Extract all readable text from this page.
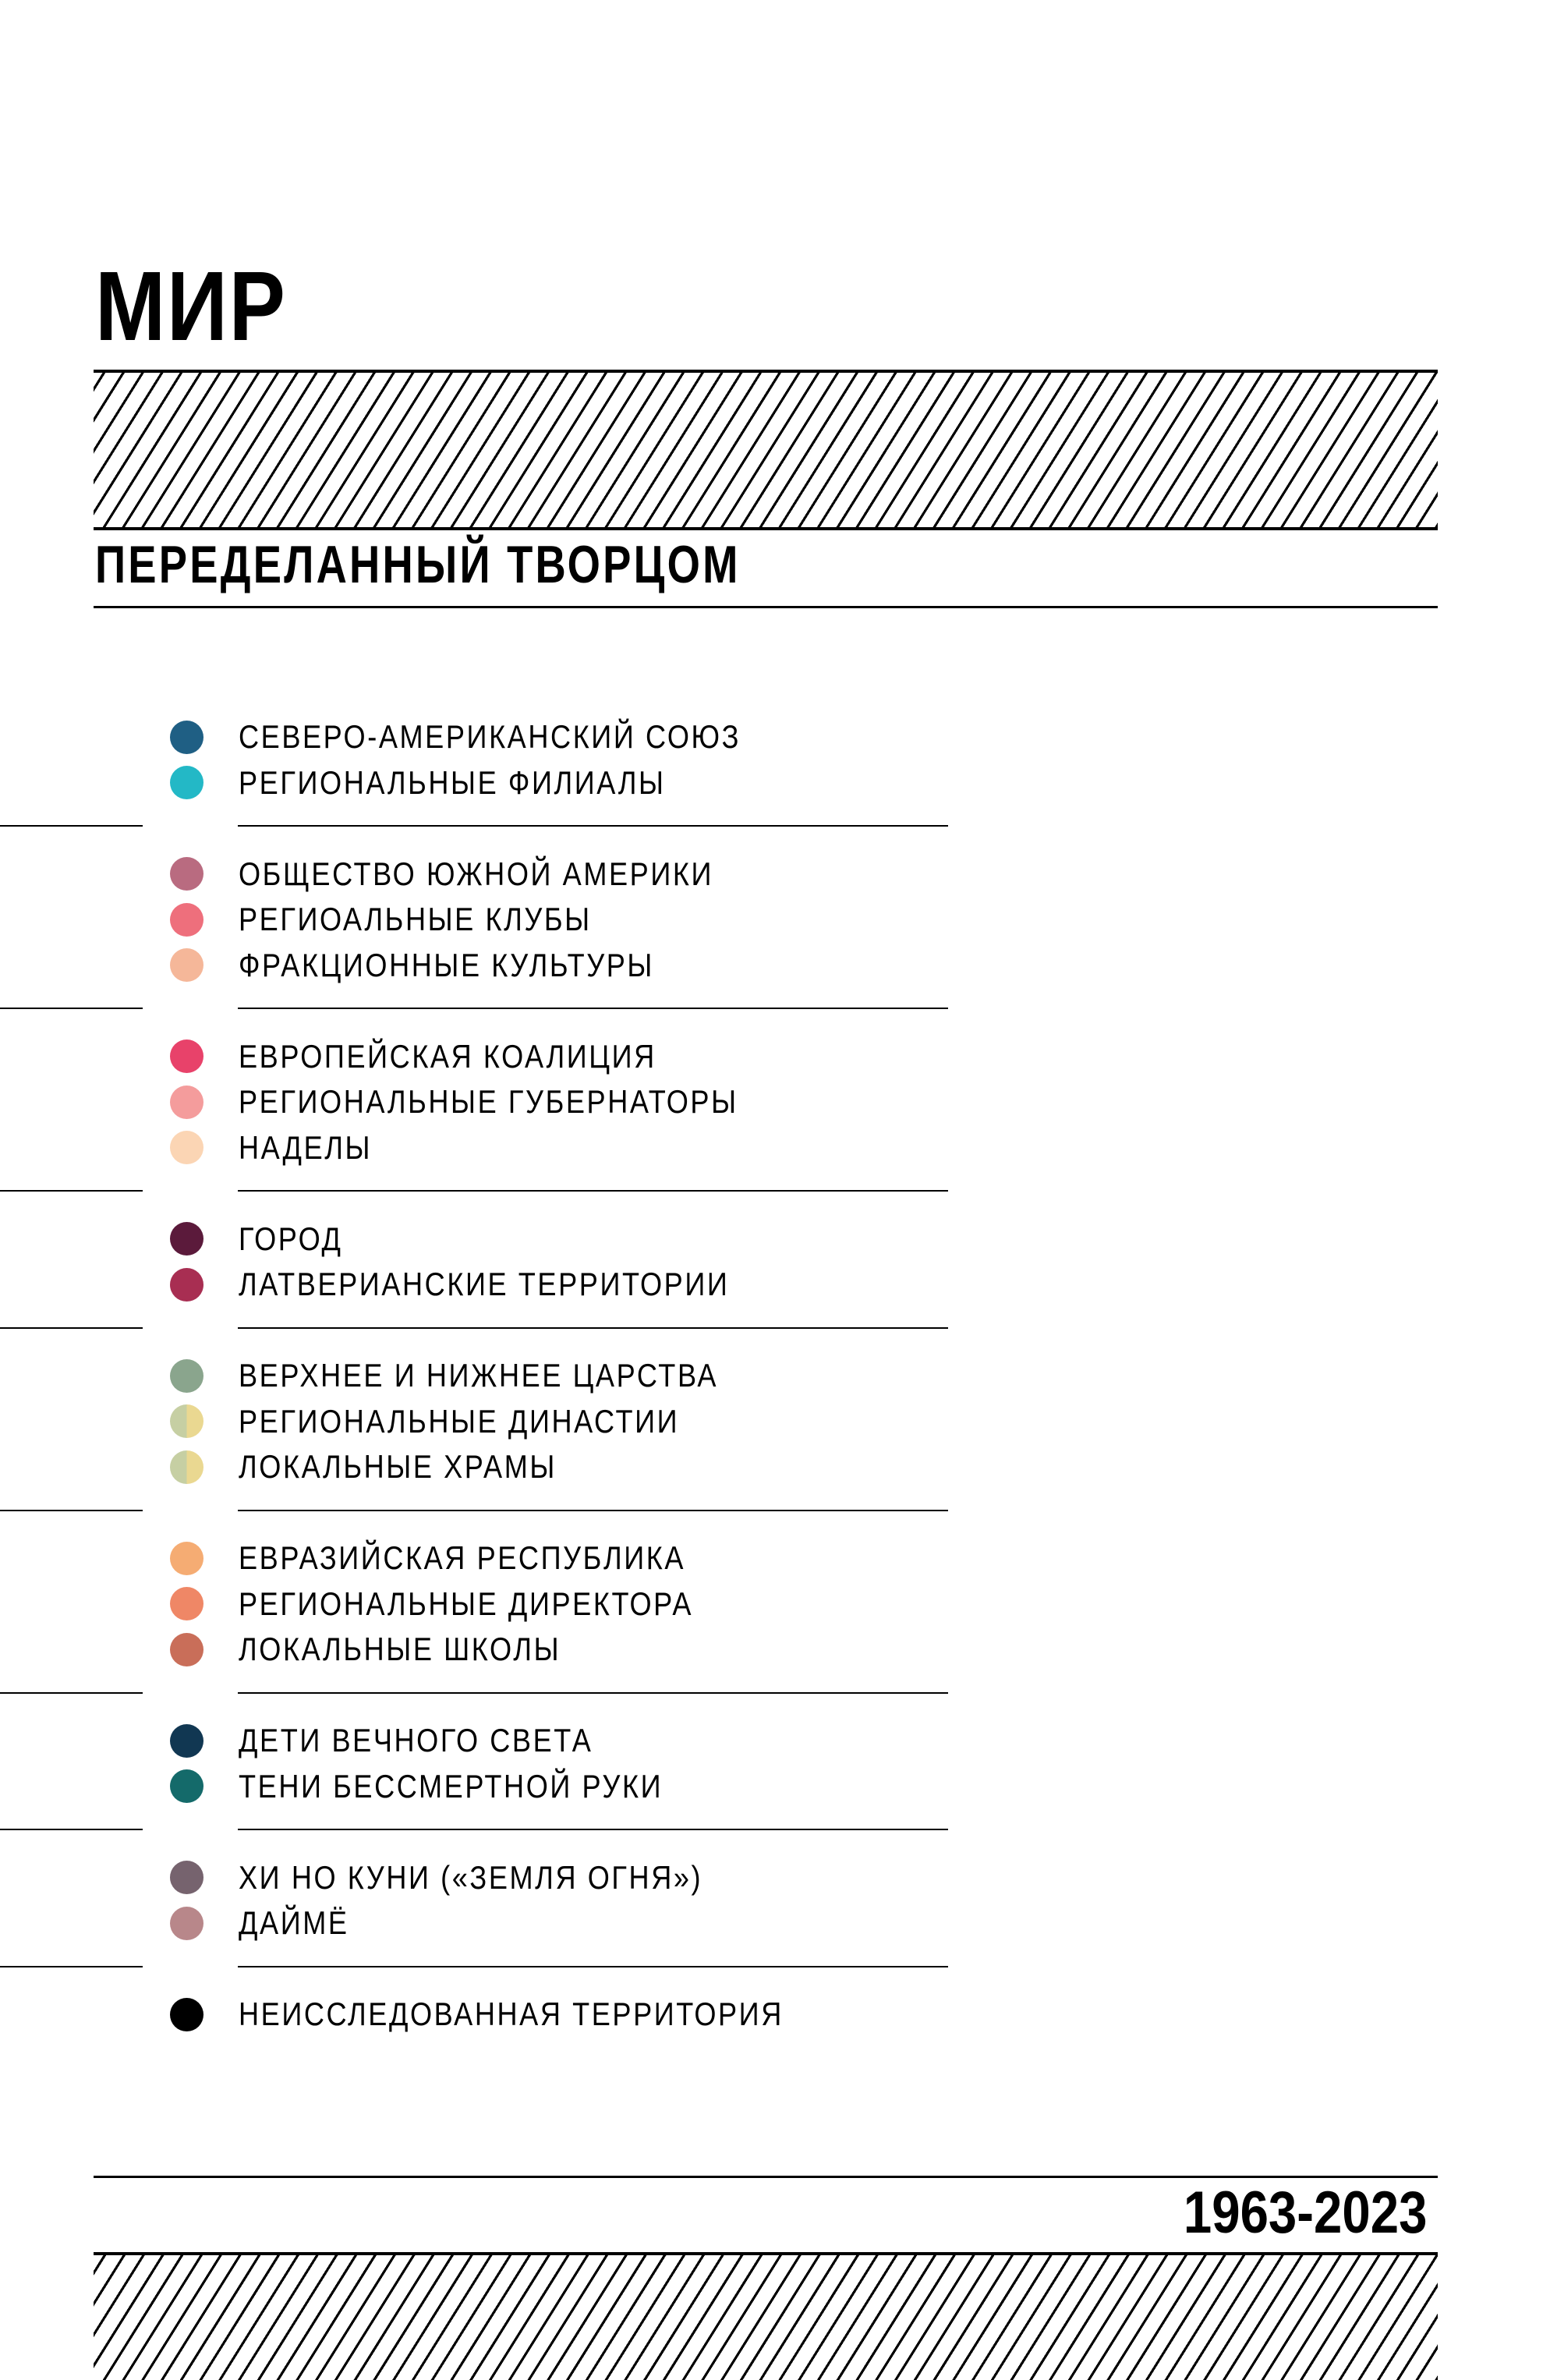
МИР
ПЕРЕДЕЛАННЫЙ ТВОРЦОМ
СЕВЕРО-АМЕРИКАНСКИЙ СОЮЗ
РЕГИОНАЛЬНЫЕ ФИЛИАЛЫ
ОБЩЕСТВО ЮЖНОЙ АМЕРИКИ
РЕГИОАЛЬНЫЕ КЛУБЫ
ФРАКЦИОННЫЕ КУЛЬТУРЫ
ЕВРОПЕЙСКАЯ КОАЛИЦИЯ
РЕГИОНАЛЬНЫЕ ГУБЕРНАТОРЫ
НАДЕЛЫ
ГОРОД
ЛАТВЕРИАНСКИЕ ТЕРРИТОРИИ
ВЕРХНЕЕ И НИЖНЕЕ ЦАРСТВА
РЕГИОНАЛЬНЫЕ ДИНАСТИИ
ЛОКАЛЬНЫЕ ХРАМЫ
ЕВРАЗИЙСКАЯ РЕСПУБЛИКА
РЕГИОНАЛЬНЫЕ ДИРЕКТОРА
ЛОКАЛЬНЫЕ ШКОЛЫ
ДЕТИ ВЕЧНОГО СВЕТА
ТЕНИ БЕССМЕРТНОЙ РУКИ
ХИ НО КУНИ («ЗЕМЛЯ ОГНЯ»)
ДАЙМЁ
НЕИССЛЕДОВАННАЯ ТЕРРИТОРИЯ
1963-2023
